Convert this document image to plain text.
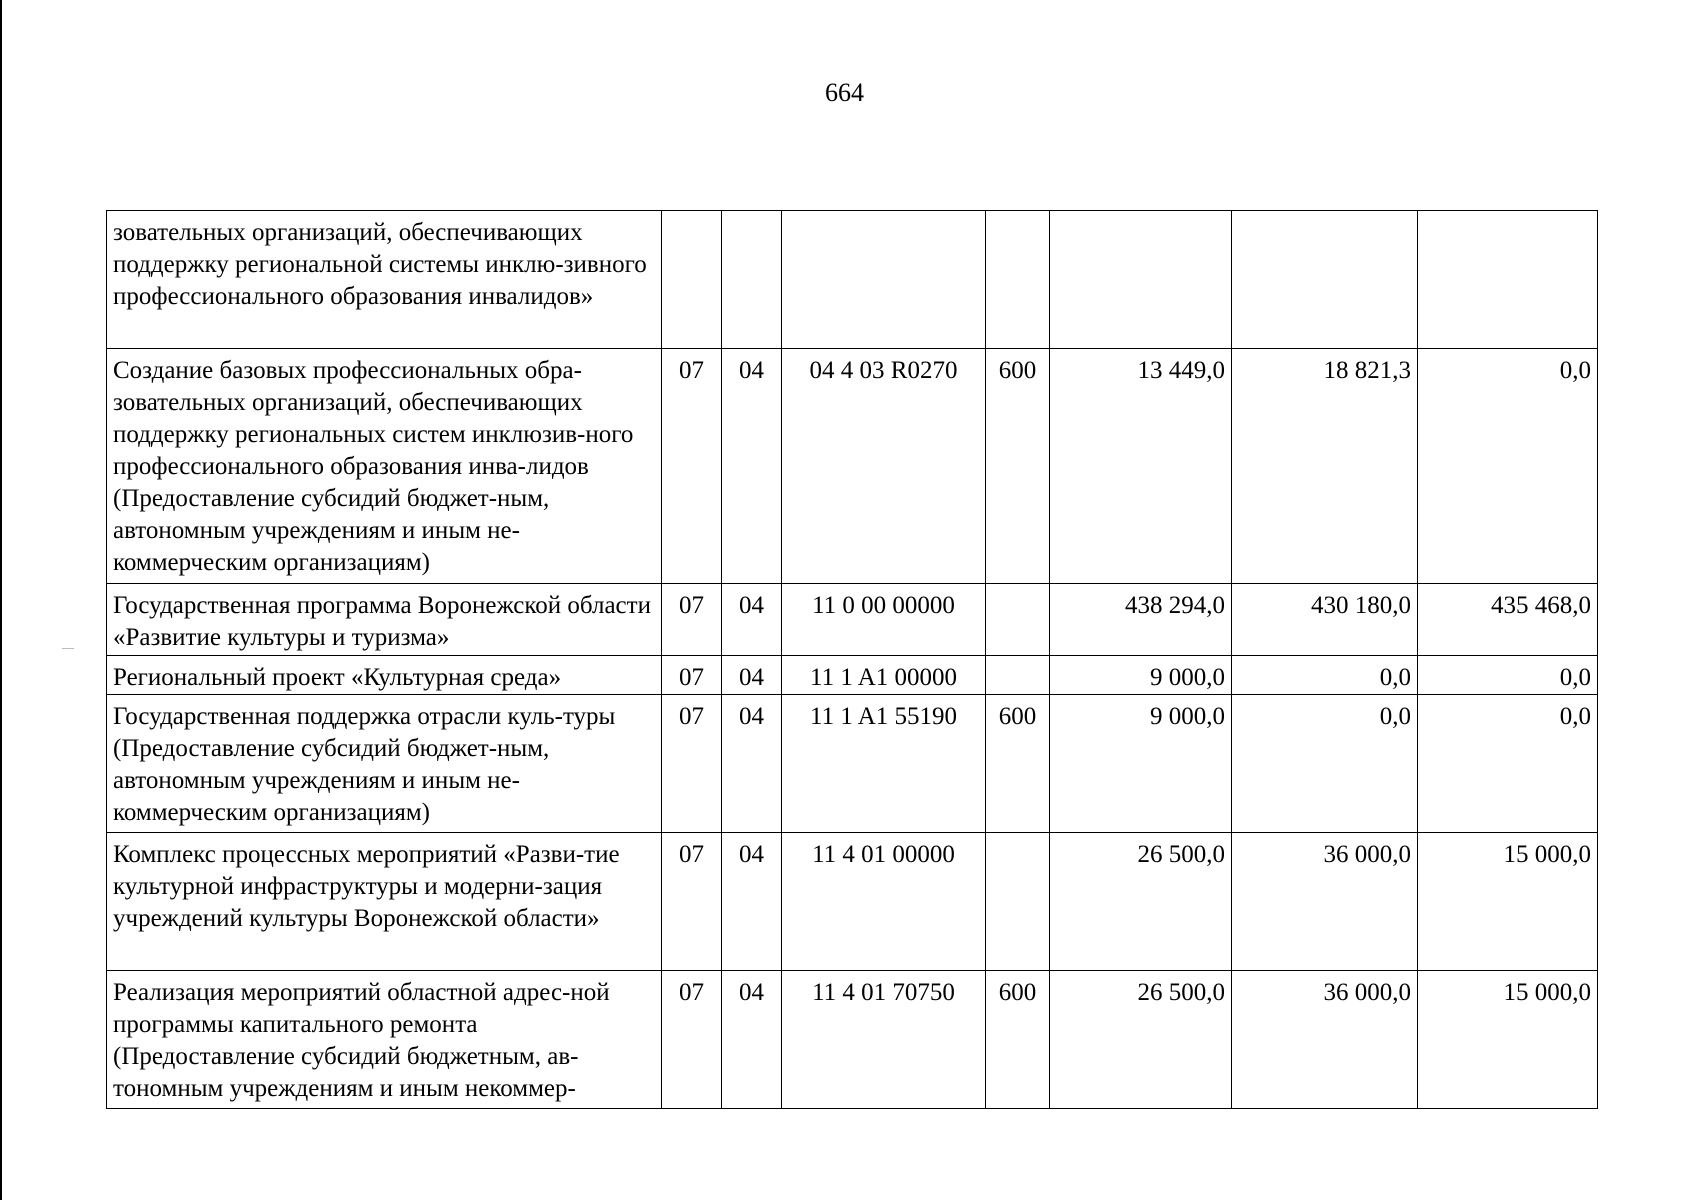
664
зовательных организаций, обеспечивающих поддержку региональной системы инклю-зивного профессионального образования инвалидов»							
Создание базовых профессиональных обра-зовательных организаций, обеспечивающих поддержку региональных систем инклюзив-ного профессионального образования инва-лидов (Предоставление субсидий бюджет-ным, автономным учреждениям и иным не-коммерческим организациям)	07	04	04 4 03 R0270	600	13 449,0	18 821,3	0,0
Государственная программа Воронежской области «Развитие культуры и туризма»	07	04	11 0 00 00000		438 294,0	430 180,0	435 468,0
Региональный проект «Культурная среда»	07	04	11 1 A1 00000		9 000,0	0,0	0,0
Государственная поддержка отрасли куль-туры (Предоставление субсидий бюджет-ным, автономным учреждениям и иным не-коммерческим организациям)	07	04	11 1 A1 55190	600	9 000,0	0,0	0,0
Комплекс процессных мероприятий «Разви-тие культурной инфраструктуры и модерни-зация учреждений культуры Воронежской области»	07	04	11 4 01 00000		26 500,0	36 000,0	15 000,0
Реализация мероприятий областной адрес-ной программы капитального ремонта (Предоставление субсидий бюджетным, ав-тономным учреждениям и иным некоммер-	07	04	11 4 01 70750	600	26 500,0	36 000,0	15 000,0
